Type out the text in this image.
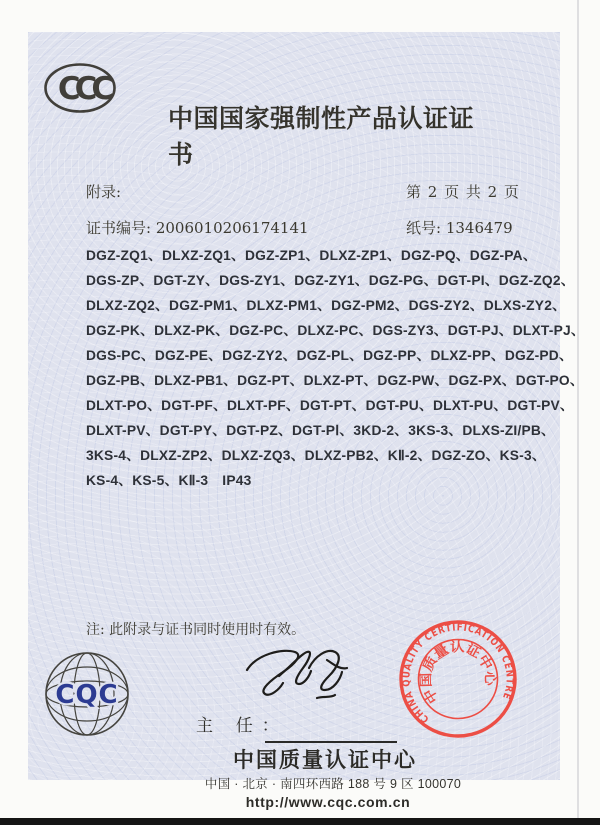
CCC
中国国家强制性产品认证证书
附录:	第 2 页 共 2 页
证书编号: 2006010206174141	纸号: 1346479
DGZ-ZQ1、DLXZ-ZQ1、DGZ-ZP1、DLXZ-ZP1、DGZ-PQ、DGZ-PA、
DGS-ZP、DGT-ZY、DGS-ZY1、DGZ-ZY1、DGZ-PG、DGT-PI、DGZ-ZQ2、
DLXZ-ZQ2、DGZ-PM1、DLXZ-PM1、DGZ-PM2、DGS-ZY2、DLXS-ZY2、
DGZ-PK、DLXZ-PK、DGZ-PC、DLXZ-PC、DGS-ZY3、DGT-PJ、DLXT-PJ、
DGS-PC、DGZ-PE、DGZ-ZY2、DGZ-PL、DGZ-PP、DLXZ-PP、DGZ-PD、
DGZ-PB、DLXZ-PB1、DGZ-PT、DLXZ-PT、DGZ-PW、DGZ-PX、DGT-PO、
DLXT-PO、DGT-PF、DLXT-PF、DGT-PT、DGT-PU、DLXT-PU、DGT-PV、
DLXT-PV、DGT-PY、DGT-PZ、DGT-PⅠ、3KD-2、3KS-3、DLXS-ZI/PB、
3KS-4、DLXZ-ZP2、DLXZ-ZQ3、DLXZ-PB2、KⅡ-2、DGZ-ZO、KS-3、
KS-4、KS-5、KⅡ-3　IP43
注: 此附录与证书同时使用时有效。
CQC
主 任：
中国质量认证中心
中国 · 北京 · 南四环西路 188 号 9 区 100070
http://www.cqc.com.cn
CHINA QUALITY CERTIFICATION CENTRE
中国质量认证中心
